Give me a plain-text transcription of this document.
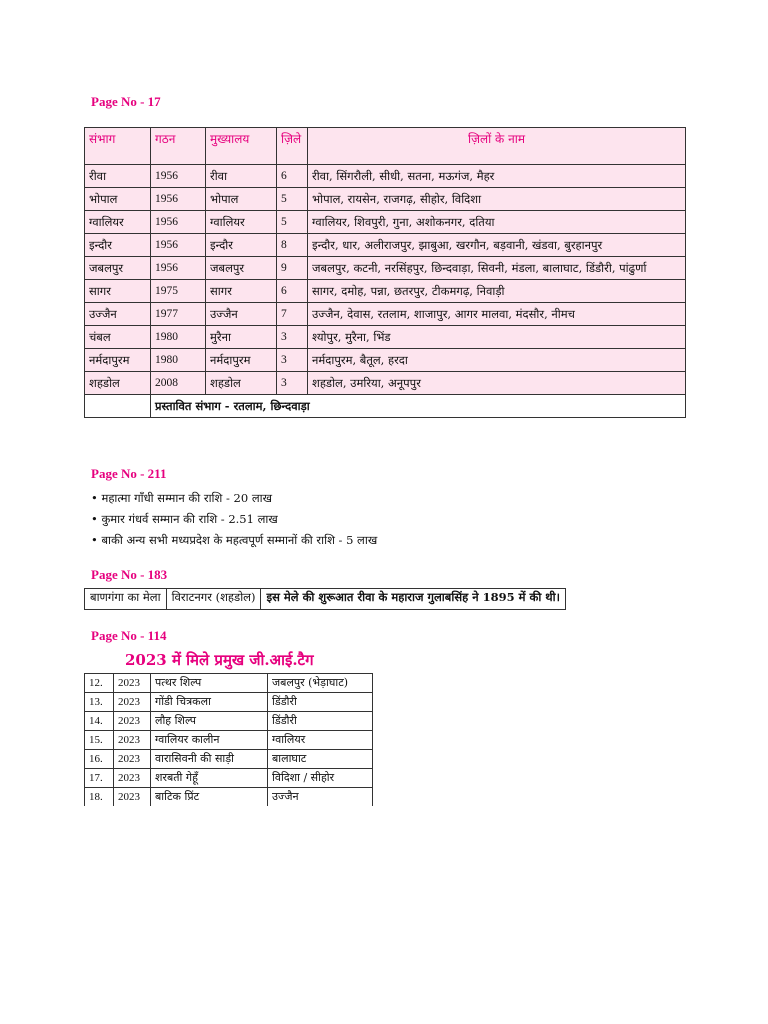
Page No - 17
संभाग	गठन	मुख्यालय	ज़िले	ज़िलों के नाम
रीवा	1956	रीवा	6	रीवा, सिंगरौली, सीधी, सतना, मऊगंज, मैहर
भोपाल	1956	भोपाल	5	भोपाल, रायसेन, राजगढ़, सीहोर, विदिशा
ग्वालियर	1956	ग्वालियर	5	ग्वालियर, शिवपुरी, गुना, अशोकनगर, दतिया
इन्दौर	1956	इन्दौर	8	इन्दौर, धार, अलीराजपुर, झाबुआ, खरगौन, बड़वानी, खंडवा, बुरहानपुर
जबलपुर	1956	जबलपुर	9	जबलपुर, कटनी, नरसिंहपुर, छिन्दवाड़ा, सिवनी, मंडला, बालाघाट, डिंडौरी, पांढुर्णा
सागर	1975	सागर	6	सागर, दमोह, पन्ना, छतरपुर, टीकमगढ़, निवाड़ी
उज्जैन	1977	उज्जैन	7	उज्जैन, देवास, रतलाम, शाजापुर, आगर मालवा, मंदसौर, नीमच
चंबल	1980	मुरैना	3	श्योपुर, मुरैना, भिंड
नर्मदापुरम	1980	नर्मदापुरम	3	नर्मदापुरम, बैतूल, हरदा
शहडोल	2008	शहडोल	3	शहडोल, उमरिया, अनूपपुर
	प्रस्तावित संभाग - रतलाम, छिन्दवाड़ा			
Page No - 211
• महात्मा गाँधी सम्मान की राशि - 20 लाख
• कुमार गंधर्व सम्मान की राशि - 2.51 लाख
• बाकी अन्य सभी मध्यप्रदेश के महत्वपूर्ण सम्मानों की राशि - 5 लाख
Page No - 183
बाणगंगा का मेला	विराटनगर (शहडोल)	इस मेले की शुरूआत रीवा के महाराज गुलाबसिंह ने 1895 में की थी।
Page No - 114
2023 में मिले प्रमुख जी.आई.टैग
12.	2023	पत्थर शिल्प	जबलपुर (भेड़ाघाट)
13.	2023	गोंडी चित्रकला	डिंडौरी
14.	2023	लौह शिल्प	डिंडौरी
15.	2023	ग्वालियर कालीन	ग्वालियर
16.	2023	वारासिवनी की साड़ी	बालाघाट
17.	2023	शरबती गेहूँ	विदिशा / सीहोर
18.	2023	बाटिक प्रिंट	उज्जैन
